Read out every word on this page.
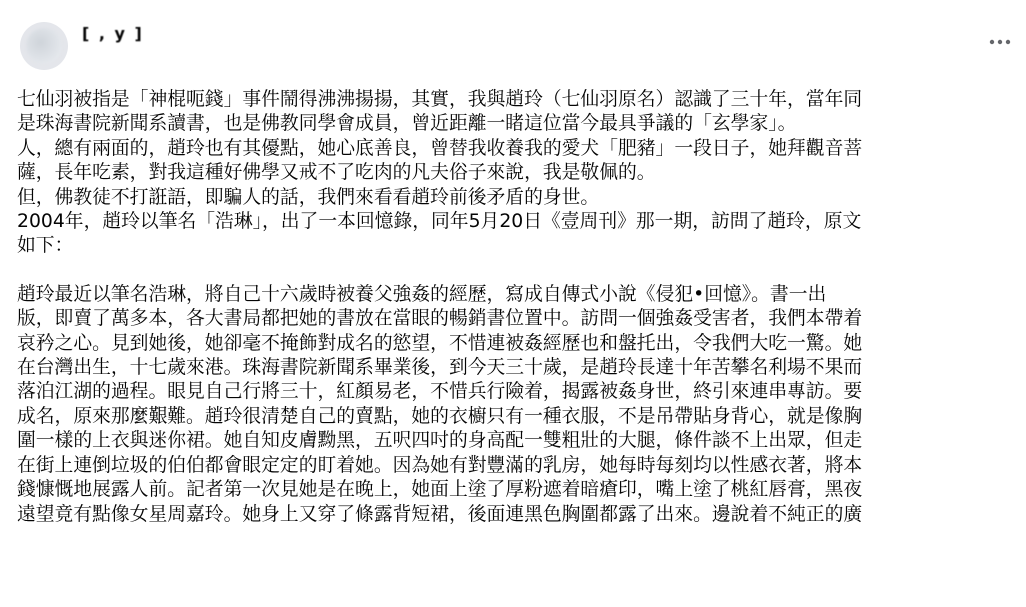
[ , y ]
七仙羽被指是「神棍呃錢」事件鬧得沸沸揚揚，其實，我與趙玲（七仙羽原名）認識了三十年，當年同
是珠海書院新聞系讀書，也是佛教同學會成員，曾近距離一睹這位當今最具爭議的「玄學家」。
人，總有兩面的，趙玲也有其優點，她心底善良，曾替我收養我的愛犬「肥豬」一段日子，她拜觀音菩
薩，長年吃素，對我這種好佛學又戒不了吃肉的凡夫俗子來說，我是敬佩的。
但，佛教徒不打誑語，即騙人的話，我們來看看趙玲前後矛盾的身世。
2004年，趙玲以筆名「浩琳」，出了一本回憶錄，同年5月20日《壹周刊》那一期，訪問了趙玲，原文
如下：
趙玲最近以筆名浩琳，將自己十六歲時被養父強姦的經歷，寫成自傳式小說《侵犯•回憶》。書一出
版，即賣了萬多本，各大書局都把她的書放在當眼的暢銷書位置中。訪問一個強姦受害者，我們本帶着
哀矜之心。見到她後，她卻毫不掩飾對成名的慾望，不惜連被姦經歷也和盤托出，令我們大吃一驚。她
在台灣出生，十七歲來港。珠海書院新聞系畢業後，到今天三十歲，是趙玲長達十年苦攀名利場不果而
落泊江湖的過程。眼見自己行將三十，紅顏易老，不惜兵行險着，揭露被姦身世，終引來連串專訪。要
成名，原來那麼艱難。趙玲很清楚自己的賣點，她的衣櫥只有一種衣服，不是吊帶貼身背心，就是像胸
圍一樣的上衣與迷你裙。她自知皮膚黝黑，五呎四吋的身高配一雙粗壯的大腿，條件談不上出眾，但走
在街上連倒垃圾的伯伯都會眼定定的盯着她。因為她有對豐滿的乳房，她每時每刻均以性感衣著，將本
錢慷慨地展露人前。記者第一次見她是在晚上，她面上塗了厚粉遮着暗瘡印，嘴上塗了桃紅唇膏，黑夜
遠望竟有點像女星周嘉玲。她身上又穿了條露背短裙，後面連黑色胸圍都露了出來。邊說着不純正的廣
